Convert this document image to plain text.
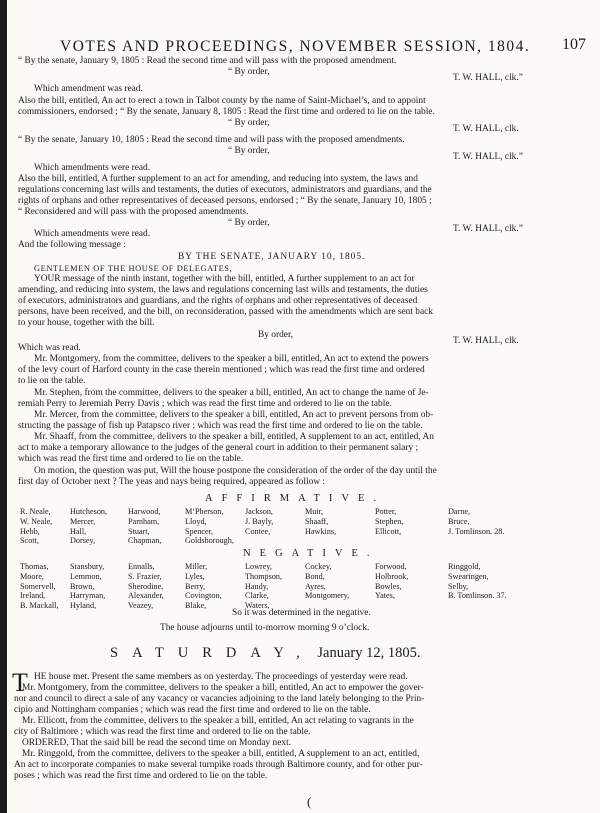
VOTES AND PROCEEDINGS, NOVEMBER SESSION, 1804. 107
“ By the senate, January 9, 1805 : Read the second time and will pass with the proposed amendment.
“ By order,
T. W. HALL, clk.”
Which amendment was read.
Also the bill, entitled, An act to erect a town in Talbot county by the name of Saint-Michael’s, and to appoint
commissioners, endorsed ; “ By the senate, January 8, 1805 : Read the first time and ordered to lie on the table.
“ By order,
T. W. HALL, clk.
“ By the senate, January 10, 1805 : Read the second time and will pass with the proposed amendments.
“ By order,
T. W. HALL, clk.”
Which amendments were read.
Also the bill, entitled, A further supplement to an act for amending, and reducing into system, the laws and
regulations concerning last wills and testaments, the duties of executors, administrators and guardians, and the
rights of orphans and other representatives of deceased persons, endorsed ; “ By the senate, January 10, 1805 ;
“ Reconsidered and will pass with the proposed amendments.
“ By order,
Which amendments were read.	T. W. HALL, clk.”
And the following message :
BY THE SENATE, JANUARY 10, 1805.
GENTLEMEN OF THE HOUSE OF DELEGATES,
YOUR message of the ninth instant, together with the bill, entitled, A further supplement to an act for
amending, and reducing into system, the laws and regulations concerning last wills and testaments, the duties
of executors, administrators and guardians, and the rights of orphans and other representatives of deceased
persons, have been received, and the bill, on reconsideration, passed with the amendments which are sent back
to your house, together with the bill.
By order,
T. W. HALL, clk.
Which was read.
Mr. Montgomery, from the committee, delivers to the speaker a bill, entitled, An act to extend the powers
of the levy court of Harford county in the case therein mentioned ; which was read the first time and ordered
to lie on the table.
Mr. Stephen, from the committee, delivers to the speaker a bill, entitled, An act to change the name of Je-
remiah Perry to Jeremiah Perry Davis ; which was read the first time and ordered to lie on the table.
Mr. Mercer, from the committee, delivers to the speaker a bill, entitled, An act to prevent persons from ob-
structing the passage of fish up Patapsco river ; which was read the first time and ordered to lie on the table.
Mr. Shaaff, from the committee, delivers to the speaker a bill, entitled, A supplement to an act, entitled, An
act to make a temporary allowance to the judges of the general court in addition to their permanent salary ;
which was read the first time and ordered to lie on the table.
On motion, the question was put, Will the house postpone the consideration of the order of the day until the
first day of October next ? The yeas and nays being required, appeared as follow :
AFFIRMATIVE.
R. Neale,
W. Neale,
Hebb,
Scott,
Hutcheson,
Mercer,
Hall,
Dorsey,
Harwood,
Parnham,
Stuart,
Chapman,
M‘Pherson,
Lloyd,
Spencer,
Goldsborough,
Jackson,
J. Bayly,
Contee,
Muir,
Shaaff,
Hawkins,
Potter,
Stephen,
Ellicott,
Darne,
Bruce,
J. Tomlinson. 28.
NEGATIVE.
Thomas,
Moore,
Somervell,
Ireland,
B. Mackall,
Stansbury,
Lemmon,
Brown,
Harryman,
Hyland,
Ennalls,
S. Frazier,
Sherodine,
Alexander,
Veazey,
Miller,
Lyles,
Berry,
Covington,
Blake,
Lowrey,
Thompson,
Handy,
Clarke,
Waters,
Cockey,
Bond,
Ayres,
Montgomery,
Forwood,
Holbrook,
Bowles,
Yates,
Ringgold,
Swearingen,
Selby,
B. Tomlinson. 37.
So it was determined in the negative.
The house adjourns until to-morrow morning 9 o’clock.
SATURDAY, January 12, 1805.
T HE house met. Present the same members as on yesterday. The proceedings of yesterday were read.
Mr. Montgomery, from the committee, delivers to the speaker a bill, entitled, An act to empower the gover-
nor and council to direct a sale of any vacancy or vacancies adjoining to the land lately belonging to the Prin-
cipio and Nottingham companies ; which was read the first time and ordered to lie on the table.
Mr. Ellicott, from the committee, delivers to the speaker a bill, entitled, An act relating to vagrants in the
city of Baltimore ; which was read the first time and ordered to lie on the table.
ORDERED, That the said bill be read the second time on Monday next.
Mr. Ringgold, from the committee, delivers to the speaker a bill, entitled, A supplement to an act, entitled,
An act to incorporate companies to make several turnpike roads through Baltimore county, and for other pur-
poses ; which was read the first time and ordered to lie on the table.
(
